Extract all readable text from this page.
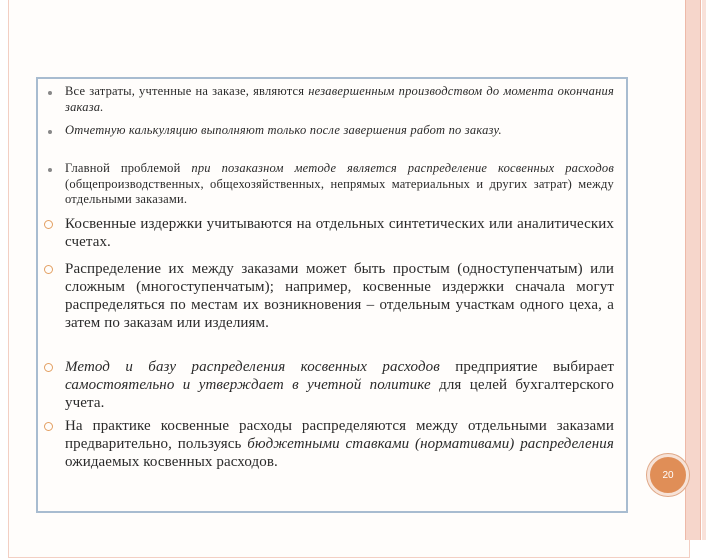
Все затраты, учтенные на заказе, являются незавершенным производством до момента окончания заказа.
Отчетную калькуляцию выполняют только после завершения работ по заказу.
Главной проблемой при позаказном методе является распределение косвенных расходов (общепроизводственных, общехозяйственных, непрямых материальных и других затрат) между отдельными заказами.
Косвенные издержки учитываются на отдельных синтетических или аналитических счетах.
Распределение их между заказами может быть простым (одноступенчатым) или сложным (многоступенчатым); например, косвенные издержки сначала могут распределяться по местам их возникновения – отдельным участкам одного цеха, а затем по заказам или изделиям.
Метод и базу распределения косвенных расходов предприятие выбирает самостоятельно и утверждает в учетной политике для целей бухгалтерского учета.
На практике косвенные расходы распределяются между отдельными заказами предварительно, пользуясь бюджетными ставками (нормативами) распределения ожидаемых косвенных расходов.
20
